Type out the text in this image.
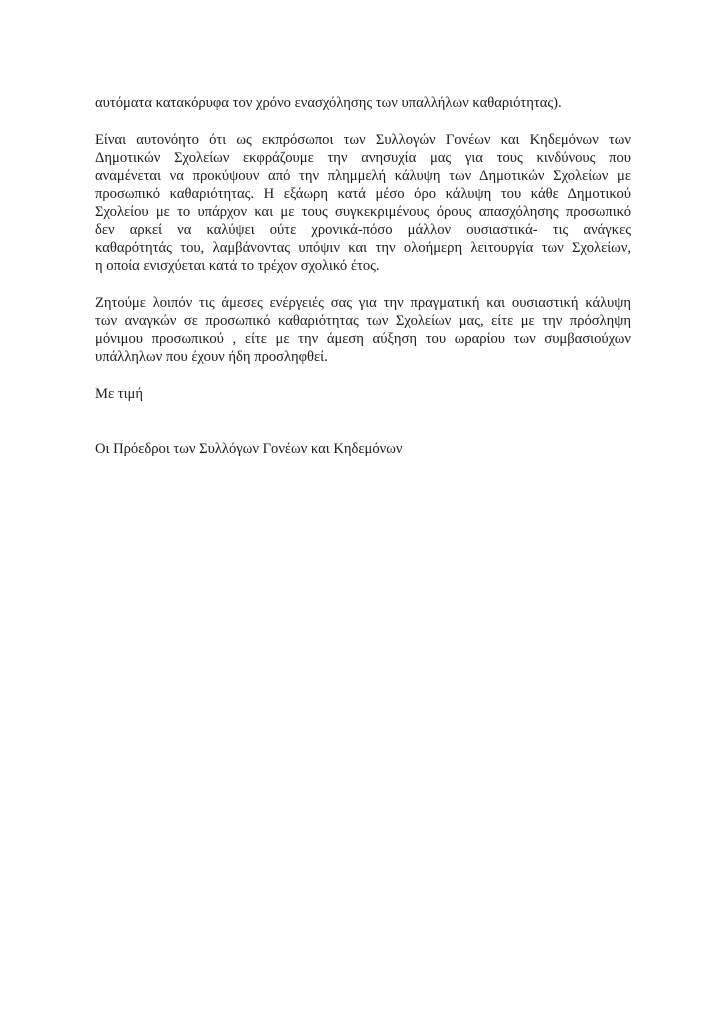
αυτόματα κατακόρυφα τον χρόνο ενασχόλησης των υπαλλήλων καθαριότητας).
Είναι αυτονόητο ότι ως εκπρόσωποι των Συλλογών Γονέων και Κηδεμόνων των
Δημοτικών Σχολείων εκφράζουμε την ανησυχία μας για τους κινδύνους που
αναμένεται να προκύψουν από την πλημμελή κάλυψη των Δημοτικών Σχολείων με
προσωπικό καθαριότητας. Η εξάωρη κατά μέσο όρο κάλυψη του κάθε Δημοτικού
Σχολείου με το υπάρχον και με τους συγκεκριμένους όρους απασχόλησης προσωπικό
δεν αρκεί να καλύψει ούτε χρονικά-πόσο μάλλον ουσιαστικά- τις ανάγκες
καθαρότητάς του, λαμβάνοντας υπόψιν και την ολοήμερη λειτουργία των Σχολείων,
η οποία ενισχύεται κατά το τρέχον σχολικό έτος.
Ζητούμε λοιπόν τις άμεσες ενέργειές σας για την πραγματική και ουσιαστική κάλυψη
των αναγκών σε προσωπικό καθαριότητας των Σχολείων μας, είτε με την πρόσληψη
μόνιμου προσωπικού , είτε με την άμεση αύξηση του ωραρίου των συμβασιούχων
υπάλληλων που έχουν ήδη προσληφθεί.
Με τιμή
Οι Πρόεδροι των Συλλόγων Γονέων και Κηδεμόνων
